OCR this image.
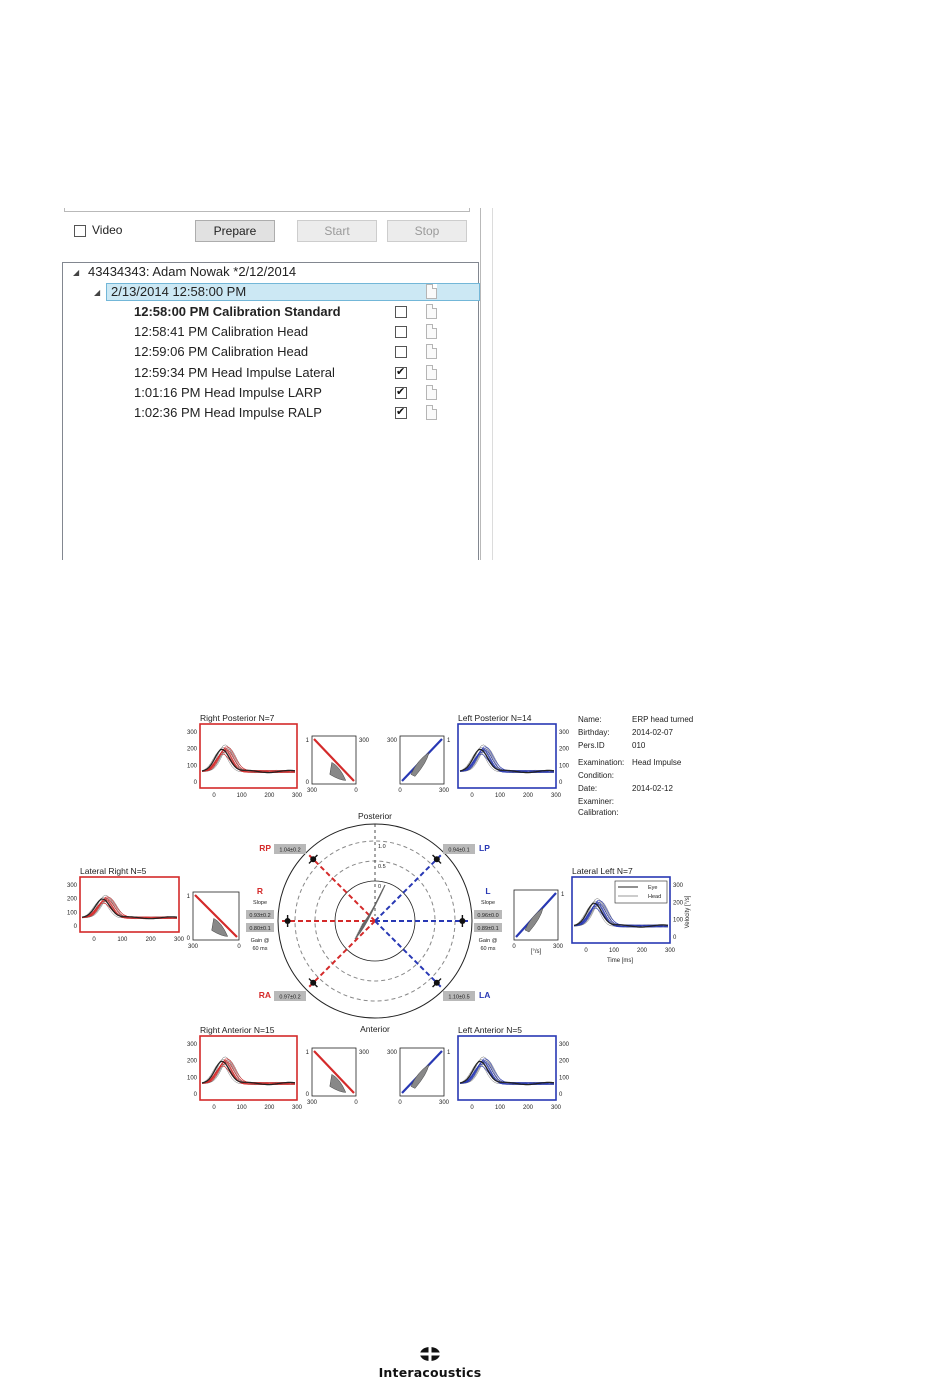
Video	Prepare	Start	Stop
◢ 43434343: Adam Nowak *2/12/2014
◢ 2/13/2014 12:58:00 PM
12:58:00 PM Calibration Standard
12:58:41 PM Calibration Head
12:59:06 PM Calibration Head
12:59:34 PM Head Impulse Lateral
✔
1:01:16 PM Head Impulse LARP
✔
1:02:36 PM Head Impulse RALP
✔
Right Posterior N=7
300
200
100
0
0	100	200	300
1	300
0
300	0
300	1
0	300
Left Posterior N=14
300
200
100
0
0	100	200	300
Lateral Right N=5
300
200
100
0
0	100	200	300
1
0
300	0
1
0	300
Lateral Left N=7
300
200
100
0
0	100	200	300
Right Anterior N=15
300
200
100
0
0	100	200	300
1	300
0
300	0
300	1
0	300
Left Anterior N=5
300
200
100
0
0	100	200	300
Eye
Head	Velocity [°/s]
Time [ms]
[°/s]
Posterior
Anterior
1.0
0.5
0
RP 1.04±0.2	0.94±0.1 LP
RA 0.97±0.2	1.10±0.5 LA
R
Slope
0.93±0.2
0.80±0.1
Gain @
60 ms
L
Slope
0.96±0.0
0.89±0.1
Gain @
60 ms
Name:	ERP head turned
Birthday:	2014-02-07
Pers.ID	010
Examination: Head Impulse
Condition:
Date:	2014-02-12
Examiner:
Calibration:
Interacoustics
